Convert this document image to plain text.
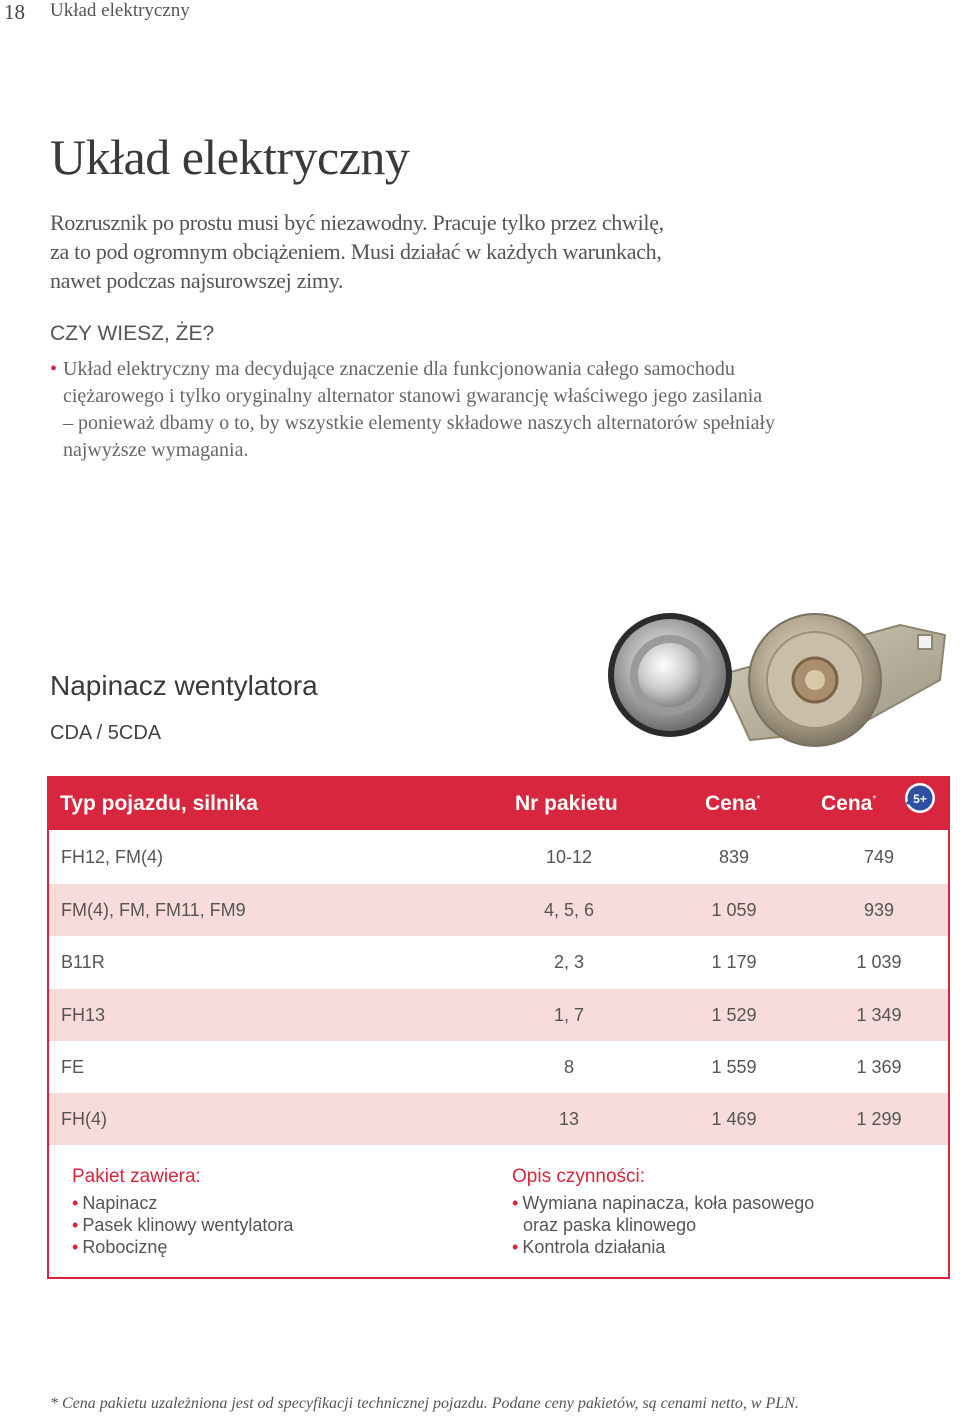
18 Układ elektryczny
Układ elektryczny
Rozrusznik po prostu musi być niezawodny. Pracuje tylko przez chwilę,
za to pod ogromnym obciążeniem. Musi działać w każdych warunkach,
nawet podczas najsurowszej zimy.
CZY WIESZ, ŻE?
• Układ elektryczny ma decydujące znaczenie dla funkcjonowania całego samochodu
ciężarowego i tylko oryginalny alternator stanowi gwarancję właściwego jego zasilania
– ponieważ dbamy o to, by wszystkie elementy składowe naszych alternatorów spełniały
najwyższe wymagania.
Napinacz wentylatora
CDA / 5CDA
Typ pojazdu, silnika	Nr pakietu	Cena*	Cena*	5+
FH12, FM(4)	10-12	839	749
FM(4), FM, FM11, FM9	4, 5, 6	1 059	939
B11R	2, 3	1 179	1 039
FH13	1, 7	1 529	1 349
FE	8	1 559	1 369
FH(4)	13	1 469	1 299
Pakiet zawiera:
• Napinacz
• Pasek klinowy wentylatora
• Robociznę
Opis czynności:
• Wymiana napinacza, koła pasowego
oraz paska klinowego
• Kontrola działania
* Cena pakietu uzależniona jest od specyfikacji technicznej pojazdu. Podane ceny pakietów, są cenami netto, w PLN.
